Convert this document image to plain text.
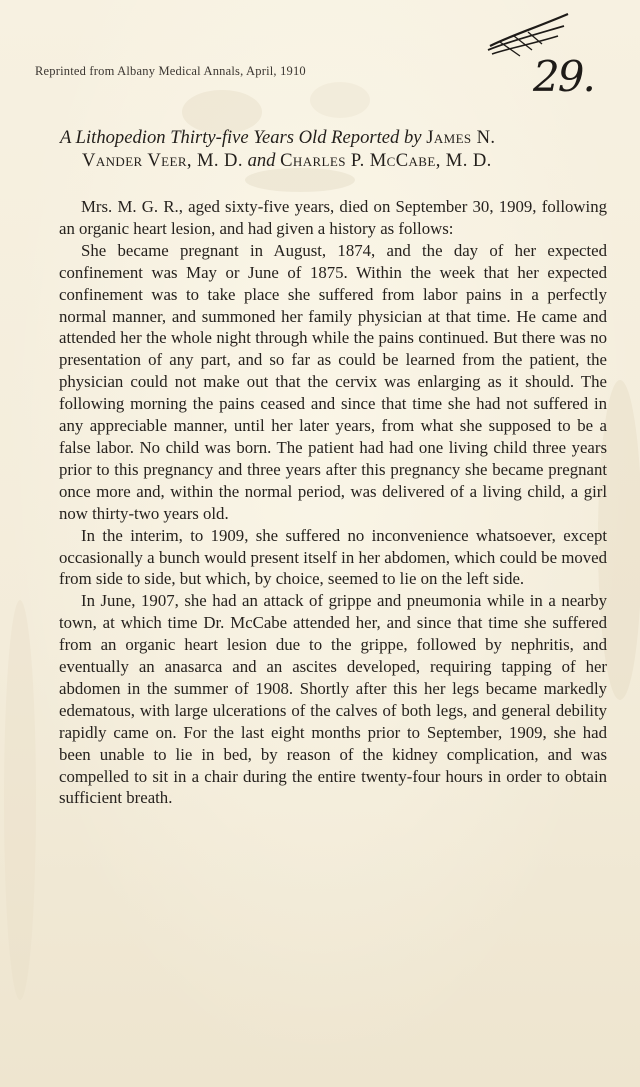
Reprinted from Albany Medical Annals, April, 1910	29.
A Lithopedion Thirty-five Years Old Reported by James N.
Vander Veer, M. D. and Charles P. McCabe, M. D.

Mrs. M. G. R., aged sixty-five years, died on September 30, 1909, following an organic heart lesion, and had given a history as follows:

She became pregnant in August, 1874, and the day of her expected confinement was May or June of 1875. Within the week that her expected confinement was to take place she suffered from labor pains in a perfectly normal manner, and summoned her family physician at that time. He came and attended her the whole night through while the pains continued. But there was no presentation of any part, and so far as could be learned from the patient, the physician could not make out that the cervix was enlarging as it should. The following morning the pains ceased and since that time she had not suffered in any appreciable manner, until her later years, from what she supposed to be a false labor. No child was born. The patient had had one living child three years prior to this pregnancy and three years after this pregnancy she became pregnant once more and, within the normal period, was delivered of a living child, a girl now thirty-two years old.

In the interim, to 1909, she suffered no inconvenience whatsoever, except occasionally a bunch would present itself in her abdomen, which could be moved from side to side, but which, by choice, seemed to lie on the left side.

In June, 1907, she had an attack of grippe and pneumonia while in a nearby town, at which time Dr. McCabe attended her, and since that time she suffered from an organic heart lesion due to the grippe, followed by nephritis, and eventually an anasarca and an ascites developed, requiring tapping of her abdomen in the summer of 1908. Shortly after this her legs became markedly edematous, with large ulcerations of the calves of both legs, and general debility rapidly came on. For the last eight months prior to September, 1909, she had been unable to lie in bed, by reason of the kidney complication, and was compelled to sit in a chair during the entire twenty-four hours in order to obtain sufficient breath.
